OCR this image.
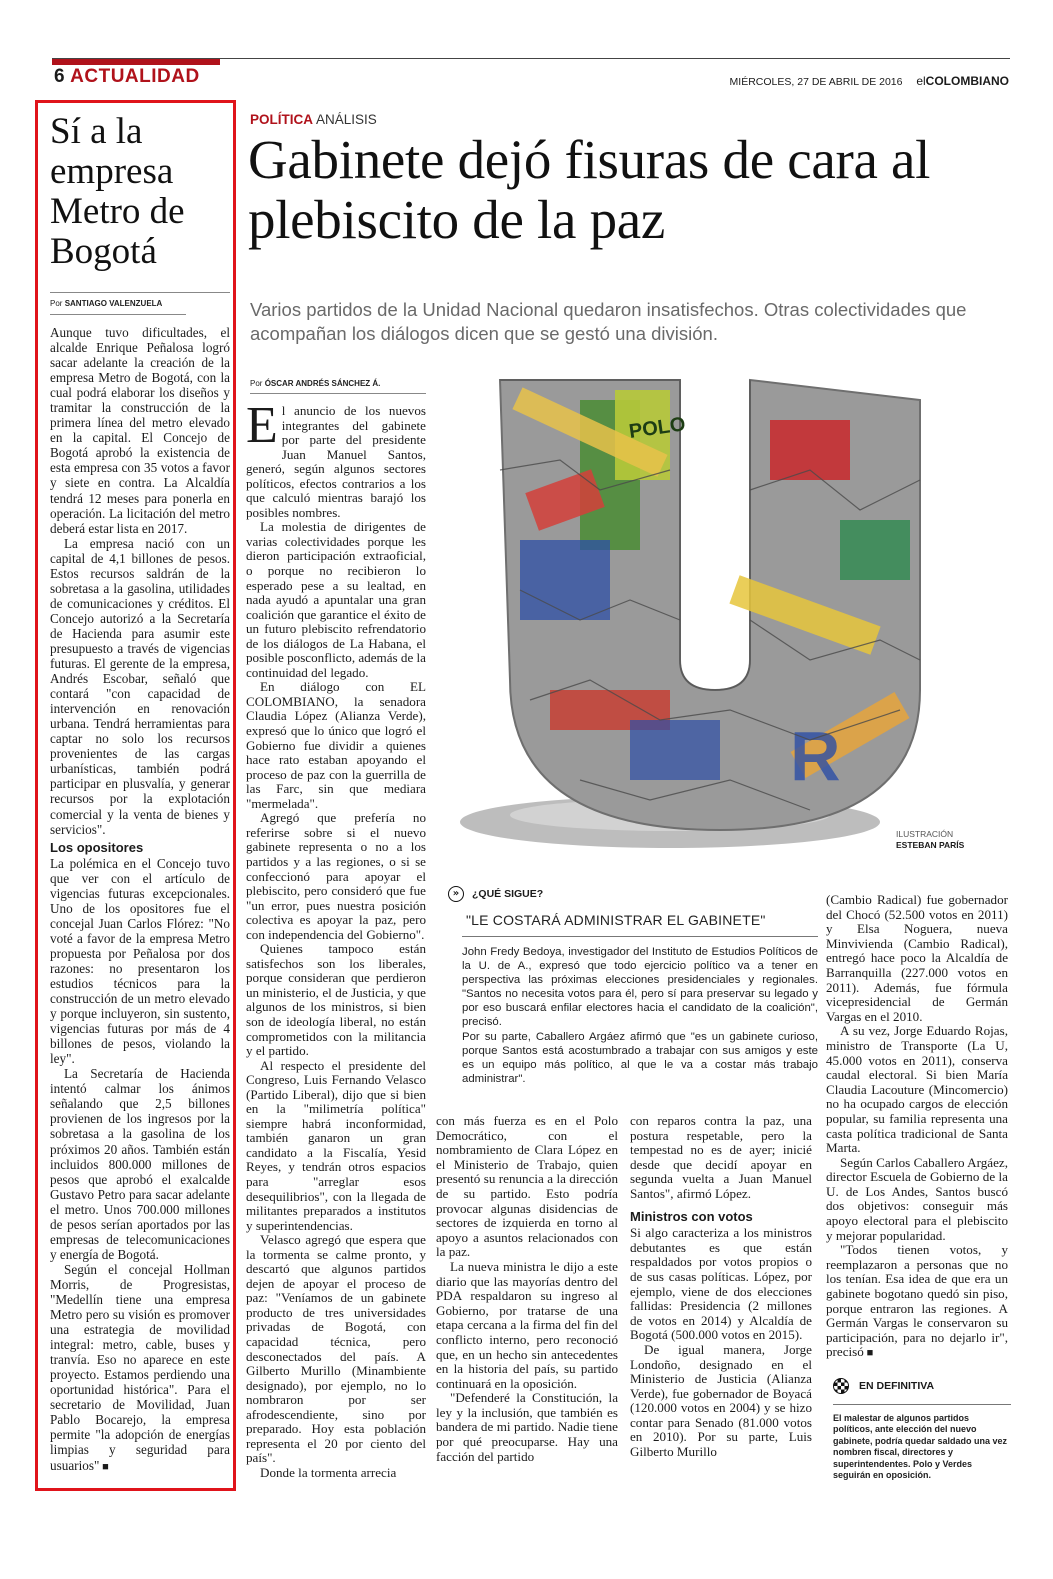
6 ACTUALIDAD	MIÉRCOLES, 27 DE ABRIL DE 2016 elCOLOMBIANO
Sí a la empresa Metro de Bogotá
Por SANTIAGO VALENZUELA

Aunque tuvo dificultades, el alcalde Enrique Peñalosa logró sacar adelante la creación de la empresa Metro de Bogotá, con la cual podrá elaborar los diseños y tramitar la construcción de la primera línea del metro elevado en la capital. El Concejo de Bogotá aprobó la existencia de esta empresa con 35 votos a favor y siete en contra. La Alcaldía tendrá 12 meses para ponerla en operación. La licitación del metro deberá estar lista en 2017.

La empresa nació con un capital de 4,1 billones de pesos. Estos recursos saldrán de la sobretasa a la gasolina, utilidades de comunicaciones y créditos. El Concejo autorizó a la Secretaría de Hacienda para asumir este presupuesto a través de vigencias futuras. El gerente de la empresa, Andrés Escobar, señaló que contará "con capacidad de intervención en renovación urbana. Tendrá herramientas para captar no solo los recursos provenientes de las cargas urbanísticas, también podrá participar en plusvalía, y generar recursos por la explotación comercial y la venta de bienes y servicios".

Los opositores

La polémica en el Concejo tuvo que ver con el artículo de vigencias futuras excepcionales. Uno de los opositores fue el concejal Juan Carlos Flórez: "No voté a favor de la empresa Metro propuesta por Peñalosa por dos razones: no presentaron los estudios técnicos para la construcción de un metro elevado y porque incluyeron, sin sustento, vigencias futuras por más de 4 billones de pesos, violando la ley".

La Secretaría de Hacienda intentó calmar los ánimos señalando que 2,5 billones provienen de los ingresos por la sobretasa a la gasolina de los próximos 20 años. También están incluidos 800.000 millones de pesos que aprobó el exalcalde Gustavo Petro para sacar adelante el metro. Unos 700.000 millones de pesos serían aportados por las empresas de telecomunicaciones y energía de Bogotá.

Según el concejal Hollman Morris, de Progresistas, "Medellín tiene una empresa Metro pero su visión es promover una estrategia de movilidad integral: metro, cable, buses y tranvía. Eso no aparece en este proyecto. Estamos perdiendo una oportunidad histórica". Para el secretario de Movilidad, Juan Pablo Bocarejo, la empresa permite "la adopción de energías limpias y seguridad para usuarios" ■

POLÍTICA ANÁLISIS
Gabinete dejó fisuras de cara al plebiscito de la paz

Varios partidos de la Unidad Nacional quedaron insatisfechos. Otras colectividades que acompañan los diálogos dicen que se gestó una división.

Por ÓSCAR ANDRÉS SÁNCHEZ Á.
POLO
R
ILUSTRACIÓN
ESTEBAN PARÍS

El anuncio de los nuevos integrantes del gabinete por parte del presidente Juan Manuel Santos, generó, según algunos sectores políticos, efectos contrarios a los que calculó mientras barajó los posibles nombres.

La molestia de dirigentes de varias colectividades porque les dieron participación extraoficial, o porque no recibieron lo esperado pese a su lealtad, en nada ayudó a apuntalar una gran coalición que garantice el éxito de un futuro plebiscito refrendatorio de los diálogos de La Habana, el posible posconflicto, además de la continuidad del legado.

En diálogo con EL COLOMBIANO, la senadora Claudia López (Alianza Verde), expresó que lo único que logró el Gobierno fue dividir a quienes hace rato estaban apoyando el proceso de paz con la guerrilla de las Farc, sin que mediara "mermelada".

Agregó que prefería no referirse sobre si el nuevo gabinete representa o no a los partidos y a las regiones, o si se confeccionó para apoyar el plebiscito, pero consideró que fue "un error, pues nuestra posición colectiva es apoyar la paz, pero con independencia del Gobierno".

Quienes tampoco están satisfechos son los liberales, porque consideran que perdieron un ministerio, el de Justicia, y que algunos de los ministros, si bien son de ideología liberal, no están comprometidos con la militancia y el partido.

Al respecto el presidente del Congreso, Luis Fernando Velasco (Partido Liberal), dijo que si bien en la "milimetría política" siempre habrá inconformidad, también ganaron un gran candidato a la Fiscalía, Yesid Reyes, y tendrán otros espacios para "arreglar esos desequilibrios", con la llegada de militantes preparados a institutos y superintendencias.

Velasco agregó que espera que la tormenta se calme pronto, y descartó que algunos partidos dejen de apoyar el proceso de paz: "Veníamos de un gabinete producto de tres universidades privadas de Bogotá, con capacidad técnica, pero desconectados del país. A Gilberto Murillo (Minambiente designado), por ejemplo, no lo nombraron por ser afrodescendiente, sino por preparado. Hoy esta población representa el 20 por ciento del país".

Donde la tormenta arrecia

»	¿QUÉ SIGUE?
"LE COSTARÁ ADMINISTRAR EL GABINETE"

John Fredy Bedoya, investigador del Instituto de Estudios Políticos de la U. de A., expresó que todo ejercicio político va a tener en perspectiva las próximas elecciones presidenciales y regionales. "Santos no necesita votos para él, pero sí para preservar su legado y por eso buscará enfilar electores hacia el candidato de la coalición", precisó.

Por su parte, Caballero Argáez afirmó que "es un gabinete curioso, porque Santos está acostumbrado a trabajar con sus amigos y este es un equipo más político, al que le va a costar más trabajo administrar".

con más fuerza es en el Polo Democrático, con el nombramiento de Clara López en el Ministerio de Trabajo, quien presentó su renuncia a la dirección de su partido. Esto podría provocar algunas disidencias de sectores de izquierda en torno al apoyo a asuntos relacionados con la paz.

La nueva ministra le dijo a este diario que las mayorías dentro del PDA respaldaron su ingreso al Gobierno, por tratarse de una etapa cercana a la firma del fin del conflicto interno, pero reconoció que, en un hecho sin antecedentes en la historia del país, su partido continuará en la oposición.

"Defenderé la Constitución, la ley y la inclusión, que también es bandera de mi partido. Nadie tiene por qué preocuparse. Hay una facción del partido

con reparos contra la paz, una postura respetable, pero la tempestad no es de ayer; inicié desde que decidí apoyar en segunda vuelta a Juan Manuel Santos", afirmó López.

Ministros con votos

Si algo caracteriza a los ministros debutantes es que están respaldados por votos propios o de sus casas políticas. López, por ejemplo, viene de dos elecciones fallidas: Presidencia (2 millones de votos en 2014) y Alcaldía de Bogotá (500.000 votos en 2015).

De igual manera, Jorge Londoño, designado en el Ministerio de Justicia (Alianza Verde), fue gobernador de Boyacá (120.000 votos en 2004) y se hizo contar para Senado (81.000 votos en 2010). Por su parte, Luis Gilberto Murillo

(Cambio Radical) fue gobernador del Chocó (52.500 votos en 2011) y Elsa Noguera, nueva Minvivienda (Cambio Radical), entregó hace poco la Alcaldía de Barranquilla (227.000 votos en 2011). Además, fue fórmula vicepresidencial de Germán Vargas en el 2010.

A su vez, Jorge Eduardo Rojas, ministro de Transporte (La U, 45.000 votos en 2011), conserva caudal electoral. Si bien María Claudia Lacouture (Mincomercio) no ha ocupado cargos de elección popular, su familia representa una casta política tradicional de Santa Marta.

Según Carlos Caballero Argáez, director Escuela de Gobierno de la U. de Los Andes, Santos buscó dos objetivos: conseguir más apoyo electoral para el plebiscito y mejorar popularidad.

"Todos tienen votos, y reemplazaron a personas que no los tenían. Esa idea de que era un gabinete bogotano quedó sin piso, porque entraron las regiones. A Germán Vargas le conservaron su participación, para no dejarlo ir", precisó ■

EN DEFINITIVA

El malestar de algunos partidos políticos, ante elección del nuevo gabinete, podría quedar saldado una vez nombren fiscal, directores y superintendentes. Polo y Verdes seguirán en oposición.
